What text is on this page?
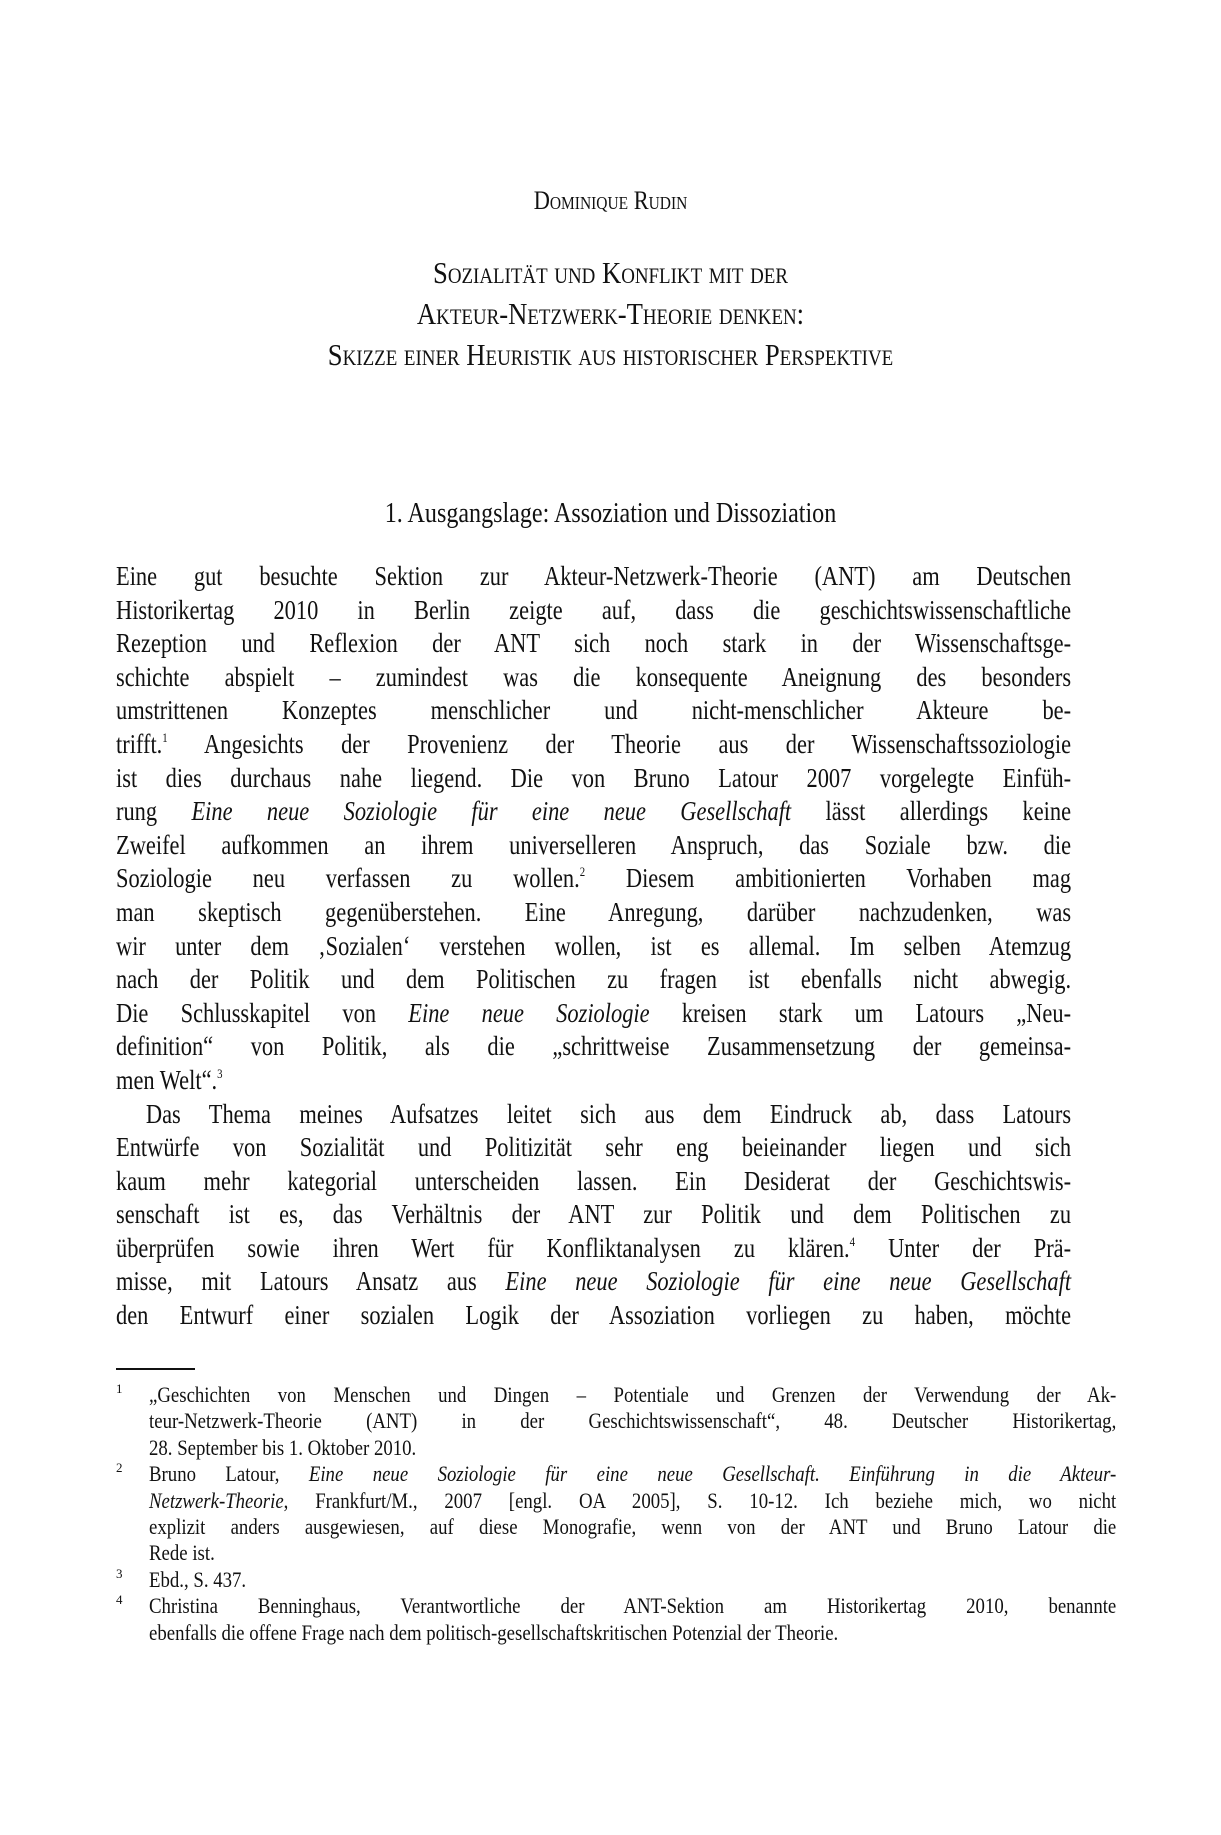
Dominique Rudin
Sozialität und Konflikt mit der
Akteur-Netzwerk-Theorie denken:
Skizze einer Heuristik aus historischer Perspektive
1. Ausgangslage: Assoziation und Dissoziation
Eine gut besuchte Sektion zur Akteur-Netzwerk-Theorie (ANT) am Deutschen
Historikertag 2010 in Berlin zeigte auf, dass die geschichtswissenschaftliche
Rezeption und Reflexion der ANT sich noch stark in der Wissenschaftsge-
schichte abspielt – zumindest was die konsequente Aneignung des besonders
umstrittenen Konzeptes menschlicher und nicht-menschlicher Akteure be-
trifft.$^1$ Angesichts der Provenienz der Theorie aus der Wissenschaftssoziologie
ist dies durchaus nahe liegend. Die von Bruno Latour 2007 vorgelegte Einfüh-
rung Eine neue Soziologie für eine neue Gesellschaft lässt allerdings keine
Zweifel aufkommen an ihrem universelleren Anspruch, das Soziale bzw. die
Soziologie neu verfassen zu wollen.$^2$ Diesem ambitionierten Vorhaben mag
man skeptisch gegenüberstehen. Eine Anregung, darüber nachzudenken, was
wir unter dem ‚Sozialen‘ verstehen wollen, ist es allemal. Im selben Atemzug
nach der Politik und dem Politischen zu fragen ist ebenfalls nicht abwegig.
Die Schlusskapitel von Eine neue Soziologie kreisen stark um Latours „Neu-
definition“ von Politik, als die „schrittweise Zusammensetzung der gemeinsa-
men Welt“.$^3$
Das Thema meines Aufsatzes leitet sich aus dem Eindruck ab, dass Latours
Entwürfe von Sozialität und Politizität sehr eng beieinander liegen und sich
kaum mehr kategorial unterscheiden lassen. Ein Desiderat der Geschichtswis-
senschaft ist es, das Verhältnis der ANT zur Politik und dem Politischen zu
überprüfen sowie ihren Wert für Konfliktanalysen zu klären.$^4$ Unter der Prä-
misse, mit Latours Ansatz aus Eine neue Soziologie für eine neue Gesellschaft
den Entwurf einer sozialen Logik der Assoziation vorliegen zu haben, möchte
1 „Geschichten von Menschen und Dingen – Potentiale und Grenzen der Verwendung der Ak-
teur-Netzwerk-Theorie (ANT) in der Geschichtswissenschaft“, 48. Deutscher Historikertag,
28. September bis 1. Oktober 2010.
2 Bruno Latour, Eine neue Soziologie für eine neue Gesellschaft. Einführung in die Akteur-
Netzwerk-Theorie, Frankfurt/M., 2007 [engl. OA 2005], S. 10-12. Ich beziehe mich, wo nicht
explizit anders ausgewiesen, auf diese Monografie, wenn von der ANT und Bruno Latour die
Rede ist.
3 Ebd., S. 437.
4 Christina Benninghaus, Verantwortliche der ANT-Sektion am Historikertag 2010, benannte
ebenfalls die offene Frage nach dem politisch-gesellschaftskritischen Potenzial der Theorie.
